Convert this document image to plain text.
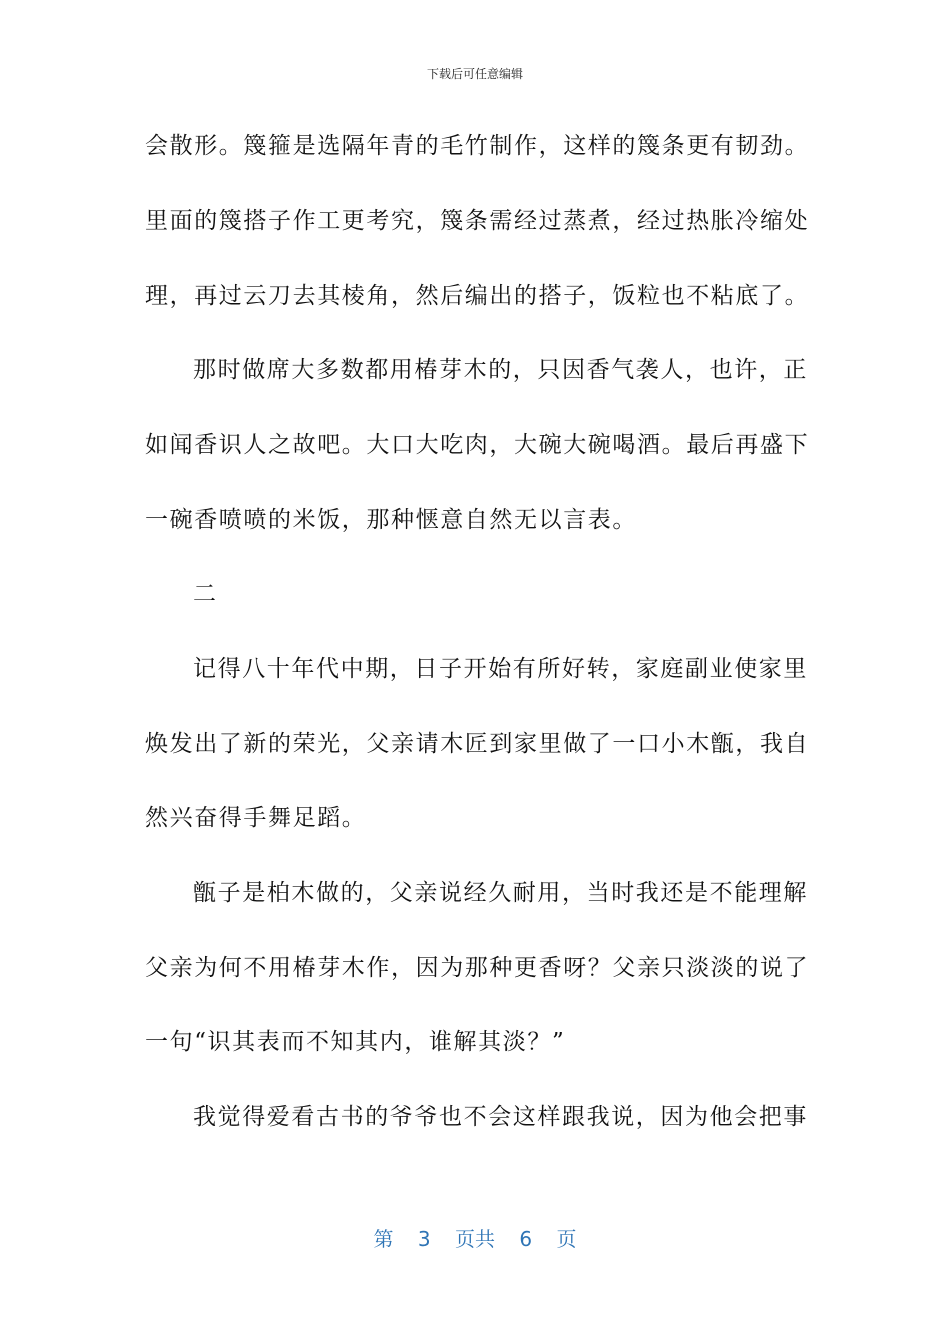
下载后可任意编辑
会散形。篾箍是选隔年青的毛竹制作，这样的篾条更有韧劲。
里面的篾搭子作工更考究，篾条需经过蒸煮，经过热胀冷缩处
理，再过云刀去其棱角，然后编出的搭子，饭粒也不粘底了。
那时做席大多数都用椿芽木的，只因香气袭人，也许，正
如闻香识人之故吧。大口大吃肉，大碗大碗喝酒。最后再盛下
一碗香喷喷的米饭，那种惬意自然无以言表。
二
记得八十年代中期，日子开始有所好转，家庭副业使家里
焕发出了新的荣光，父亲请木匠到家里做了一口小木甑，我自
然兴奋得手舞足蹈。
甑子是柏木做的，父亲说经久耐用，当时我还是不能理解
父亲为何不用椿芽木作，因为那种更香呀？父亲只淡淡的说了
一句“识其表而不知其内，谁解其淡？”
我觉得爱看古书的爷爷也不会这样跟我说，因为他会把事
第 3 页共 6 页
